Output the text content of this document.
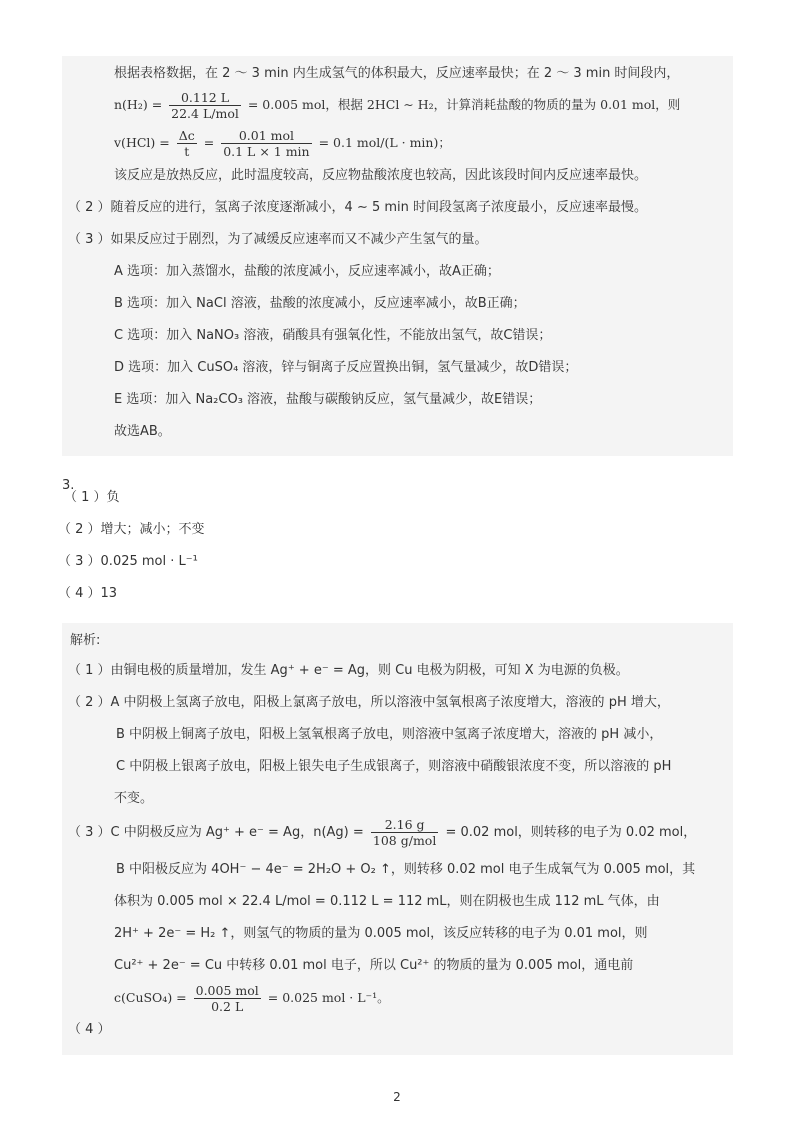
根据表格数据，在 2 ～ 3 min 内生成氢气的体积最大，反应速率最快；在 2 ～ 3 min 时间段内，
$n(H_2) = \frac{0.112 L}{\text{22.4 L/mol}} = 0.005$ mol，根据 2HCl ∼ H₂，计算消耗盐酸的物质的量为 0.01 mol，则
$v(HCl) = \frac{\Delta c}{t} = \frac{\text{0.01 mol}}{0.1 L \times 1 \min} = 0.1$ mol/(L · min)；
该反应是放热反应，此时温度较高，反应物盐酸浓度也较高，因此该段时间内反应速率最快。
（ 2 ）随着反应的进行，氢离子浓度逐渐减小，4 ∼ 5 min 时间段氢离子浓度最小，反应速率最慢。
（ 3 ）如果反应过于剧烈，为了减缓反应速率而又不减少产生氢气的量。
A 选项：加入蒸馏水，盐酸的浓度减小，反应速率减小，故A正确；
B 选项：加入 NaCl 溶液，盐酸的浓度减小，反应速率减小，故B正确；
C 选项：加入 NaNO₃ 溶液，硝酸具有强氧化性，不能放出氢气，故C错误；
D 选项：加入 CuSO₄ 溶液，锌与铜离子反应置换出铜，氢气量减少，故D错误；
E 选项：加入 Na₂CO₃ 溶液，盐酸与碳酸钠反应，氢气量减少，故E错误；
故选AB。
3.
（ 1 ）负
（ 2 ）增大；减小；不变
（ 3 ）0.025 mol · L⁻¹
（ 4 ）13
解析:
（ 1 ）由铜电极的质量增加，发生 Ag⁺ + e⁻ = Ag，则 Cu 电极为阴极，可知 X 为电源的负极。
（ 2 ）A 中阴极上氢离子放电，阳极上氯离子放电，所以溶液中氢氧根离子浓度增大，溶液的 pH 增大，
B 中阴极上铜离子放电，阳极上氢氧根离子放电，则溶液中氢离子浓度增大，溶液的 pH 减小，
C 中阴极上银离子放电，阳极上银失电子生成银离子，则溶液中硝酸银浓度不变，所以溶液的 pH
不变。
（ 3 ）C 中阴极反应为 Ag⁺ + e⁻ = Ag，$n(Ag) = \frac{2.16 g}{\text{108 g/mol}} = 0.02$ mol，则转移的电子为 0.02 mol，
B 中阳极反应为 4OH⁻ − 4e⁻ = 2H₂O + O₂ ↑，则转移 0.02 mol 电子生成氧气为 0.005 mol，其
体积为 0.005 mol × 22.4 L/mol = 0.112 L = 112 mL，则在阴极也生成 112 mL 气体，由
2H⁺ + 2e⁻ = H₂ ↑，则氢气的物质的量为 0.005 mol，该反应转移的电子为 0.01 mol，则
Cu²⁺ + 2e⁻ = Cu 中转移 0.01 mol 电子，所以 Cu²⁺ 的物质的量为 0.005 mol，通电前
c(CuSO₄) = $\frac{\text{0.005 mol}}{0.2 L} = 0.025$ mol · L⁻¹。
（ 4 ）
2
